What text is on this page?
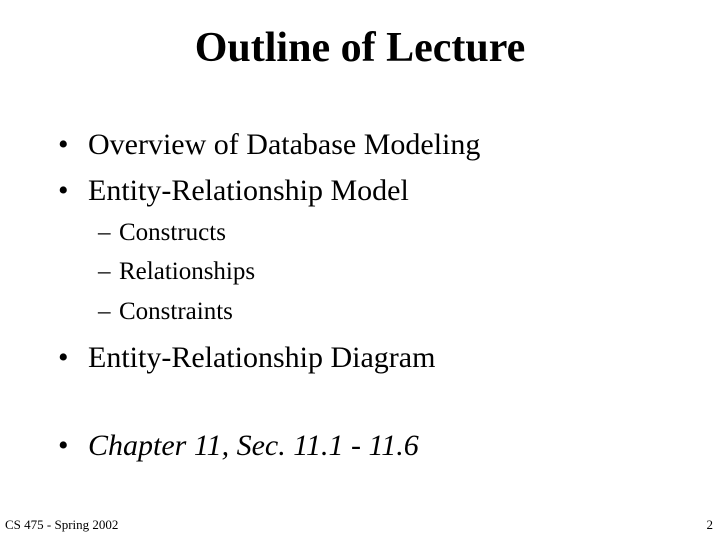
Outline of Lecture
• Overview of Database Modeling
• Entity-Relationship Model
– Constructs
– Relationships
– Constraints
• Entity-Relationship Diagram
• Chapter 11, Sec. 11.1 - 11.6
CS 475 - Spring 2002	2
